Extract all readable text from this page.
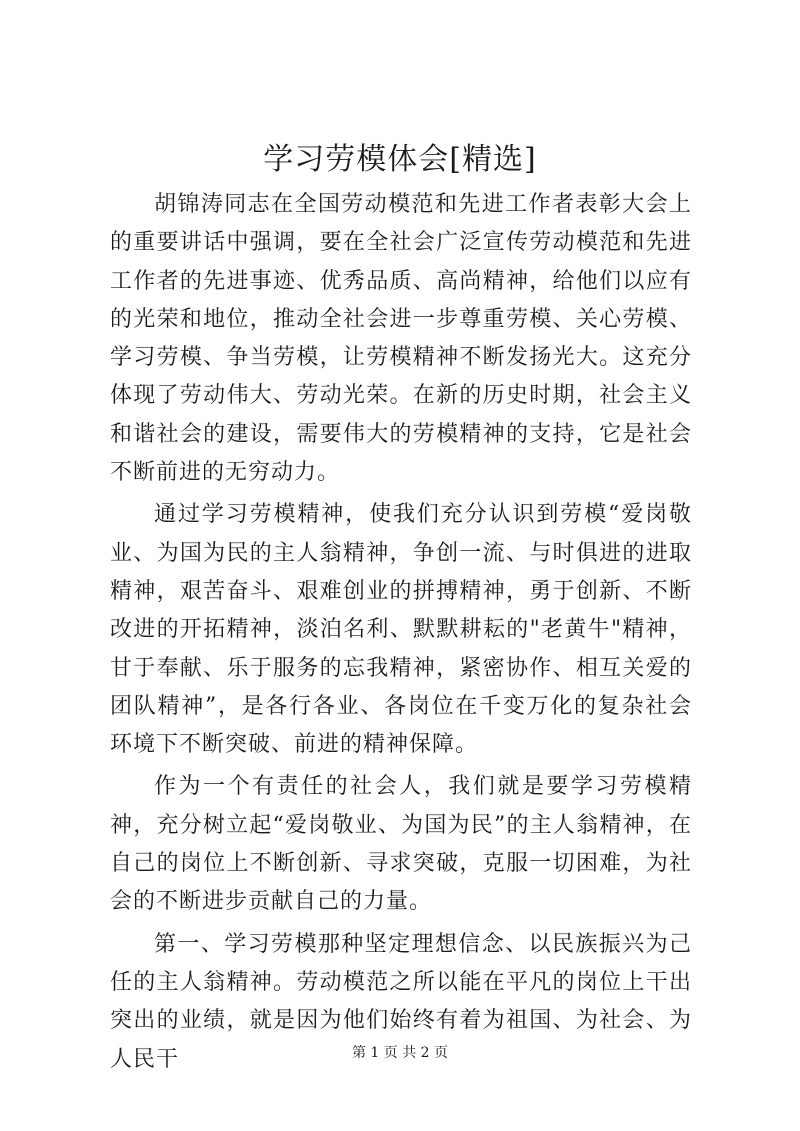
学习劳模体会[精选]

胡锦涛同志在全国劳动模范和先进工作者表彰大会上的重要讲话中强调，要在全社会广泛宣传劳动模范和先进工作者的先进事迹、优秀品质、高尚精神，给他们以应有的光荣和地位，推动全社会进一步尊重劳模、关心劳模、学习劳模、争当劳模，让劳模精神不断发扬光大。这充分体现了劳动伟大、劳动光荣。在新的历史时期，社会主义和谐社会的建设，需要伟大的劳模精神的支持，它是社会不断前进的无穷动力。

通过学习劳模精神，使我们充分认识到劳模“爱岗敬业、为国为民的主人翁精神，争创一流、与时俱进的进取精神，艰苦奋斗、艰难创业的拼搏精神，勇于创新、不断改进的开拓精神，淡泊名利、默默耕耘的"老黄牛"精神，甘于奉献、乐于服务的忘我精神，紧密协作、相互关爱的团队精神”，是各行各业、各岗位在千变万化的复杂社会环境下不断突破、前进的精神保障。

作为一个有责任的社会人，我们就是要学习劳模精神，充分树立起“爱岗敬业、为国为民”的主人翁精神，在自己的岗位上不断创新、寻求突破，克服一切困难，为社会的不断进步贡献自己的力量。

第一、学习劳模那种坚定理想信念、以民族振兴为己任的主人翁精神。劳动模范之所以能在平凡的岗位上干出突出的业绩，就是因为他们始终有着为祖国、为社会、为人民干	第 1 页 共 2 页
